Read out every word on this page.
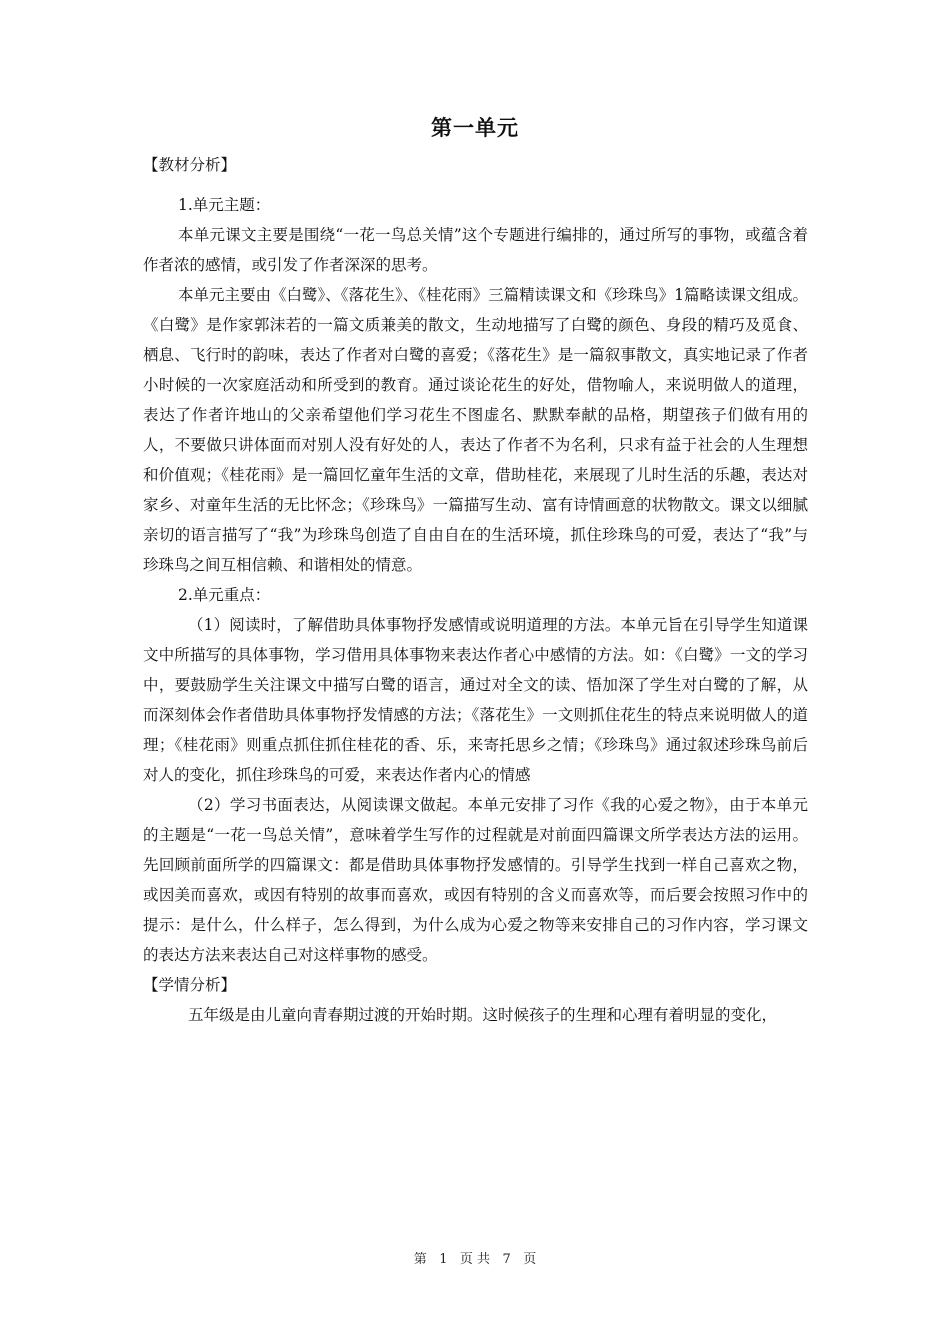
第一单元

【教材分析】

1.单元主题：

本单元课文主要是围绕“一花一鸟总关情”这个专题进行编排的，通过所写的事物，或蕴含着作者浓的感情，或引发了作者深深的思考。

本单元主要由《白鹭》、《落花生》、《桂花雨》三篇精读课文和《珍珠鸟》1篇略读课文组成。《白鹭》是作家郭沫若的一篇文质兼美的散文，生动地描写了白鹭的颜色、身段的精巧及觅食、栖息、飞行时的韵味，表达了作者对白鹭的喜爱；《落花生》是一篇叙事散文，真实地记录了作者小时候的一次家庭活动和所受到的教育。通过谈论花生的好处，借物喻人，来说明做人的道理，表达了作者许地山的父亲希望他们学习花生不图虚名、默默奉献的品格，期望孩子们做有用的人，不要做只讲体面而对别人没有好处的人，表达了作者不为名利，只求有益于社会的人生理想和价值观；《桂花雨》是一篇回忆童年生活的文章，借助桂花，来展现了儿时生活的乐趣，表达对家乡、对童年生活的无比怀念；《珍珠鸟》一篇描写生动、富有诗情画意的状物散文。课文以细腻亲切的语言描写了“我”为珍珠鸟创造了自由自在的生活环境，抓住珍珠鸟的可爱，表达了“我”与珍珠鸟之间互相信赖、和谐相处的情意。

2.单元重点：

（1）阅读时，了解借助具体事物抒发感情或说明道理的方法。本单元旨在引导学生知道课文中所描写的具体事物，学习借用具体事物来表达作者心中感情的方法。如：《白鹭》一文的学习中，要鼓励学生关注课文中描写白鹭的语言，通过对全文的读、悟加深了学生对白鹭的了解，从而深刻体会作者借助具体事物抒发情感的方法；《落花生》一文则抓住花生的特点来说明做人的道理；《桂花雨》则重点抓住抓住桂花的香、乐，来寄托思乡之情；《珍珠鸟》通过叙述珍珠鸟前后对人的变化，抓住珍珠鸟的可爱，来表达作者内心的情感

（2）学习书面表达，从阅读课文做起。本单元安排了习作《我的心爱之物》，由于本单元的主题是“一花一鸟总关情”，意味着学生写作的过程就是对前面四篇课文所学表达方法的运用。先回顾前面所学的四篇课文：都是借助具体事物抒发感情的。引导学生找到一样自己喜欢之物，或因美而喜欢，或因有特别的故事而喜欢，或因有特别的含义而喜欢等，而后要会按照习作中的提示：是什么，什么样子，怎么得到，为什么成为心爱之物等来安排自己的习作内容，学习课文的表达方法来表达自己对这样事物的感受。

【学情分析】

五年级是由儿童向青春期过渡的开始时期。这时候孩子的生理和心理有着明显的变化，

第 1 页 共 7 页
